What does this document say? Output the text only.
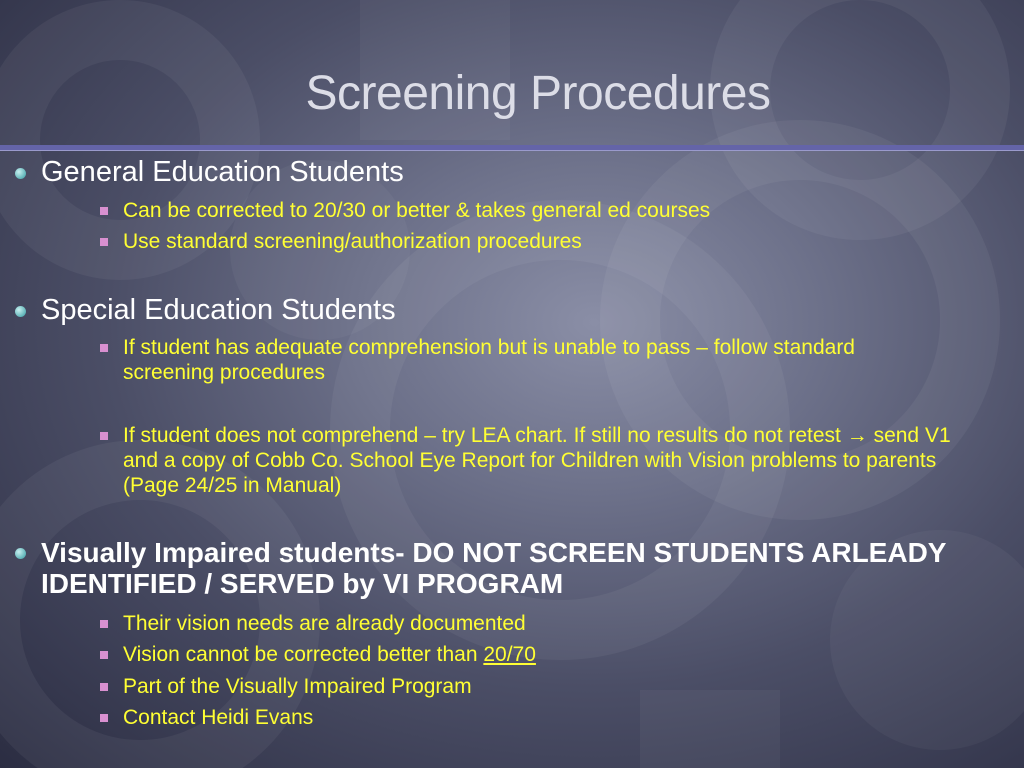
Screening Procedures
General Education Students
Can be corrected to 20/30 or better & takes general ed courses
Use standard screening/authorization procedures
Special Education Students
If student has adequate comprehension but is unable to pass – follow standard screening procedures
If student does not comprehend – try LEA chart. If still no results do not retest → send V1 and a copy of Cobb Co. School Eye Report for Children with Vision problems to parents (Page 24/25 in Manual)
Visually Impaired students- DO NOT SCREEN STUDENTS ARLEADY IDENTIFIED / SERVED by VI PROGRAM
Their vision needs are already documented
Vision cannot be corrected better than 20/70
Part of the Visually Impaired Program
Contact Heidi Evans
